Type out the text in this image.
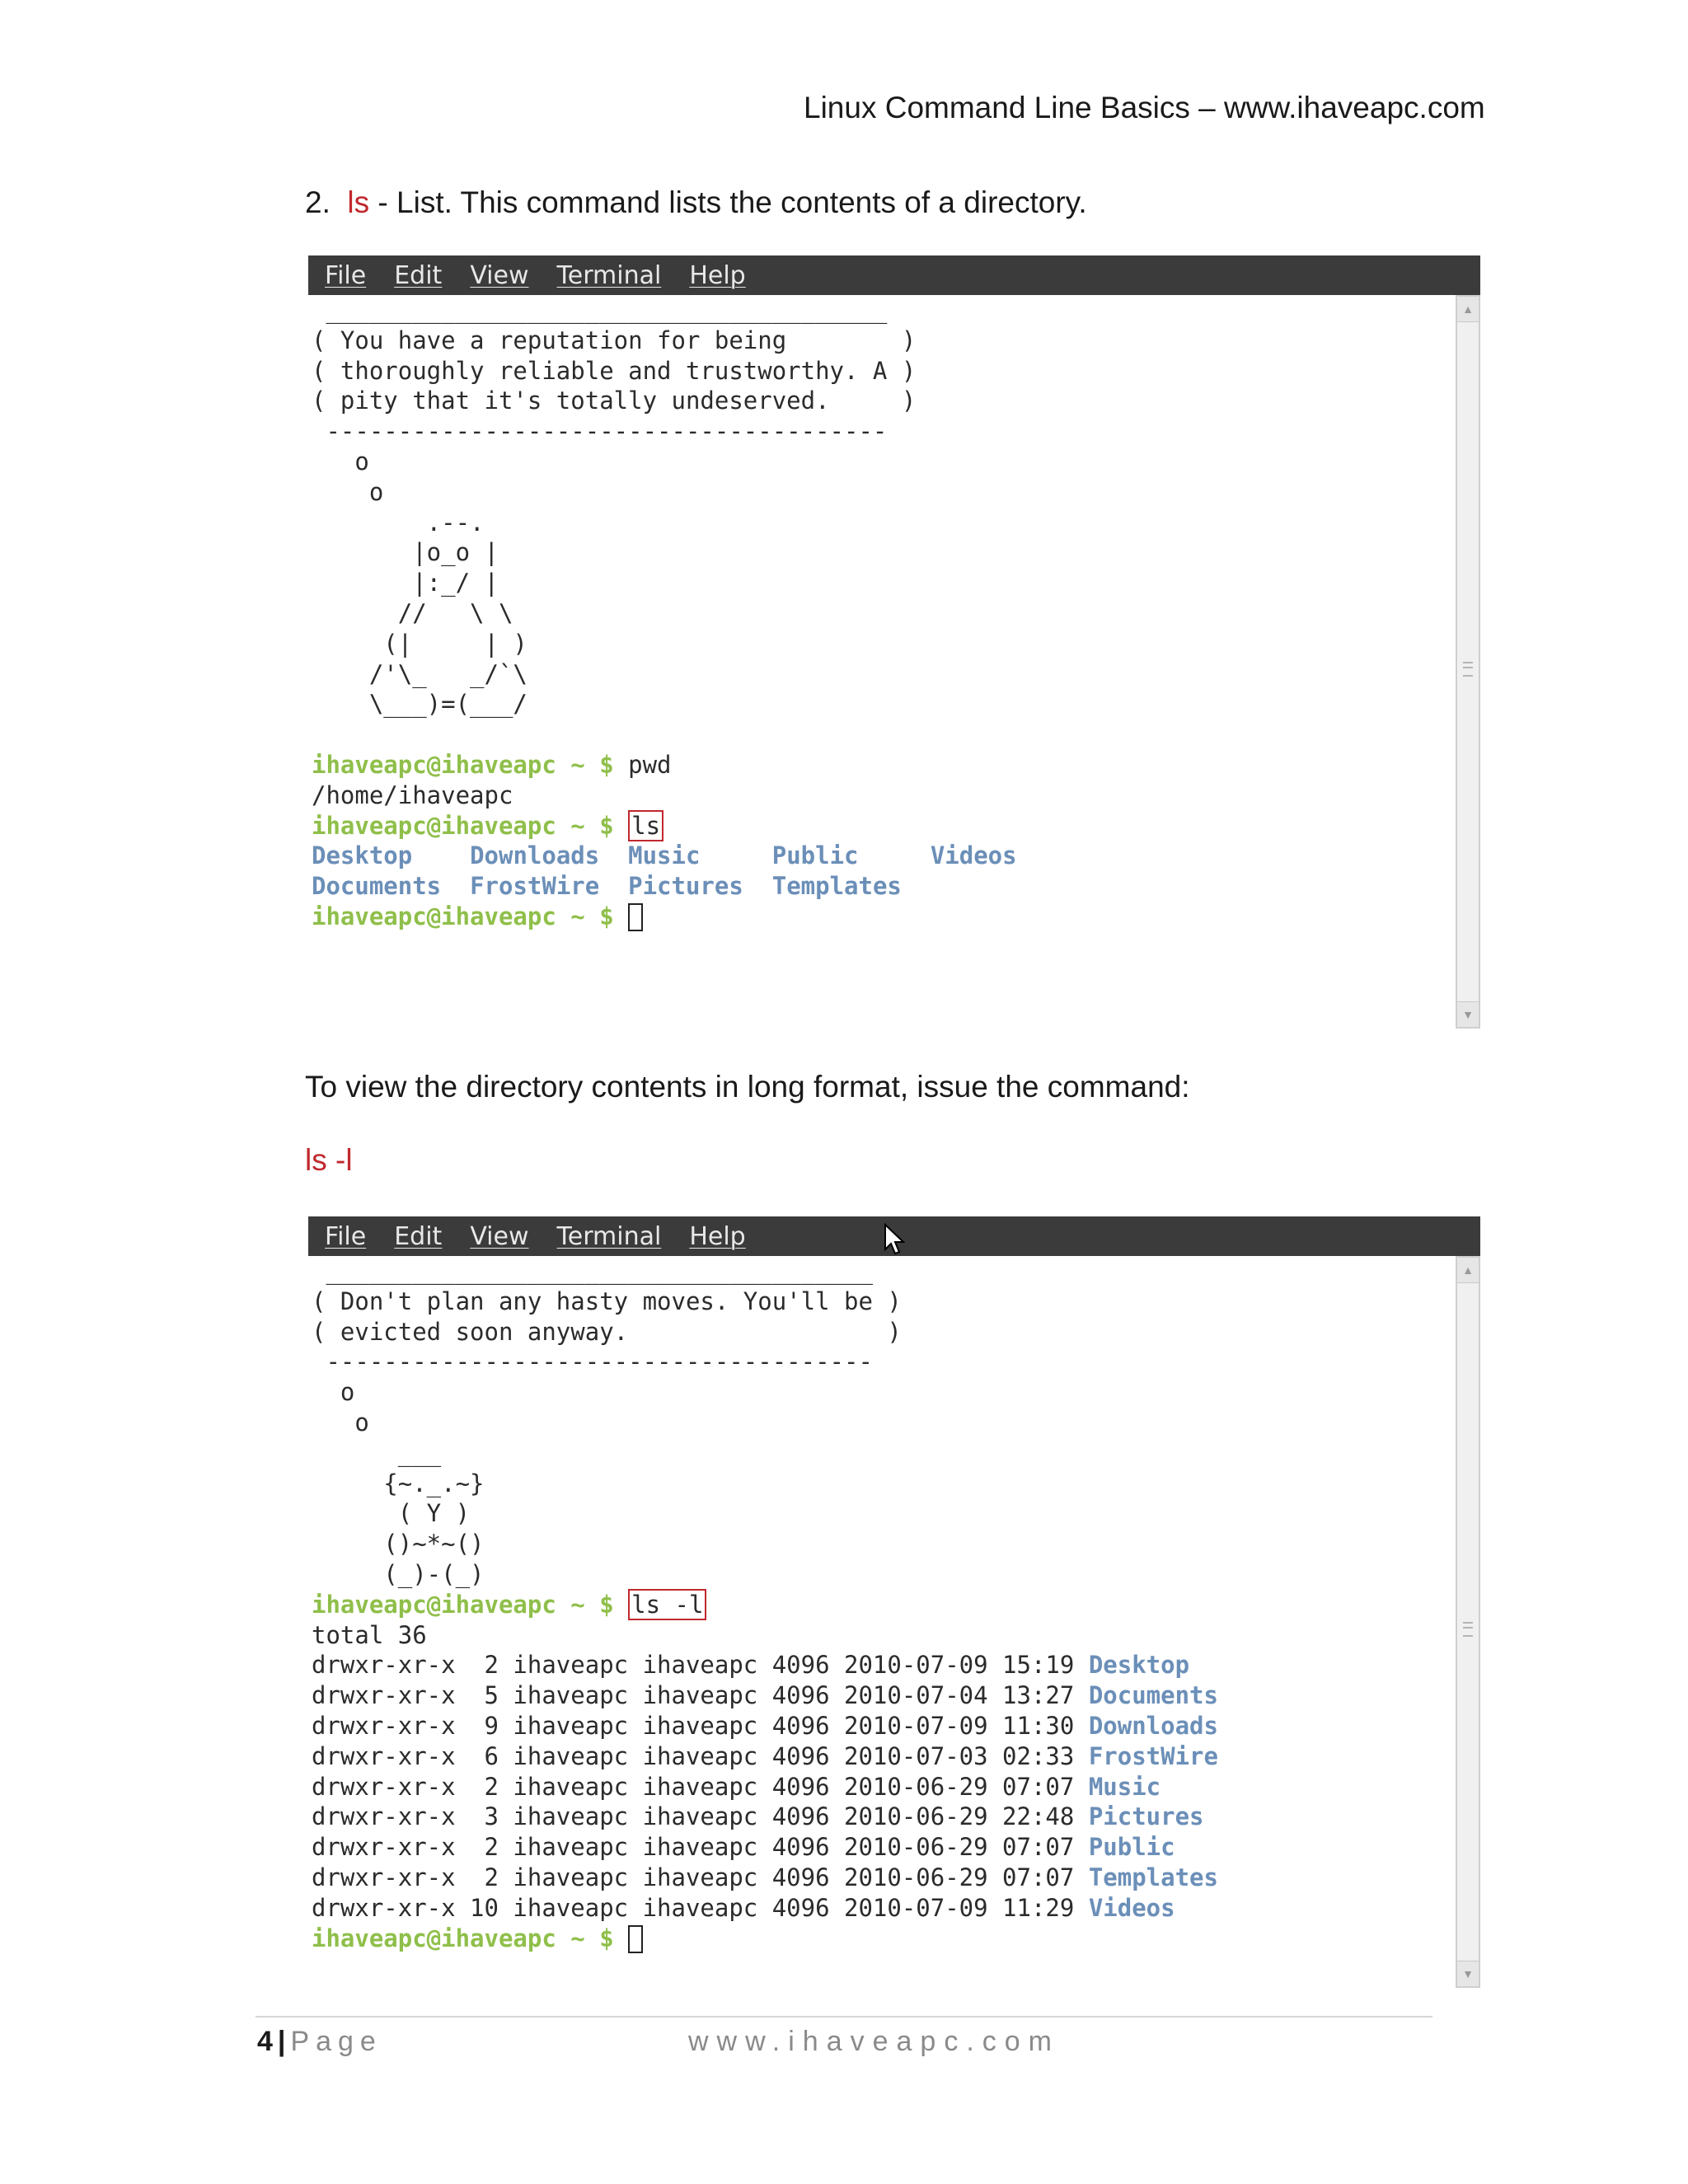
Linux Command Line Basics – www.ihaveapc.com
2. ls - List. This command lists the contents of a directory.
File Edit View Terminal Help
_______________________________________
( You have a reputation for being        )
( thoroughly reliable and trustworthy. A )
( pity that it's totally undeserved.     )
---------------------------------------
o
o
.--.
|o_o |
|:_/ |
//   \ \
(|     | )
/'\_   _/`\
\___)=(___/

ihaveapc@ihaveapc ~ $ pwd
/home/ihaveapc
ihaveapc@ihaveapc ~ $ ls
Desktop Downloads Music	Public	Videos
Documents FrostWire Pictures Templates
ihaveapc@ihaveapc ~ $
▲
▼
To view the directory contents in long format, issue the command:
ls -l
File Edit View Terminal Help
______________________________________
( Don't plan any hasty moves. You'll be )
( evicted soon anyway.                  )
--------------------------------------
o
o
___
{~._.~}
( Y )
()~*~()
(_)-(_)
ihaveapc@ihaveapc ~ $ ls -l
total 36
drwxr-xr-x  2 ihaveapc ihaveapc 4096 2010-07-09 15:19 Desktop
drwxr-xr-x  5 ihaveapc ihaveapc 4096 2010-07-04 13:27 Documents
drwxr-xr-x  9 ihaveapc ihaveapc 4096 2010-07-09 11:30 Downloads
drwxr-xr-x  6 ihaveapc ihaveapc 4096 2010-07-03 02:33 FrostWire
drwxr-xr-x  2 ihaveapc ihaveapc 4096 2010-06-29 07:07 Music
drwxr-xr-x  3 ihaveapc ihaveapc 4096 2010-06-29 22:48 Pictures
drwxr-xr-x  2 ihaveapc ihaveapc 4096 2010-06-29 07:07 Public
drwxr-xr-x  2 ihaveapc ihaveapc 4096 2010-06-29 07:07 Templates
drwxr-xr-x 10 ihaveapc ihaveapc 4096 2010-07-09 11:29 Videos
ihaveapc@ihaveapc ~ $
▲
▼
4 | Page	www.ihaveapc.com
